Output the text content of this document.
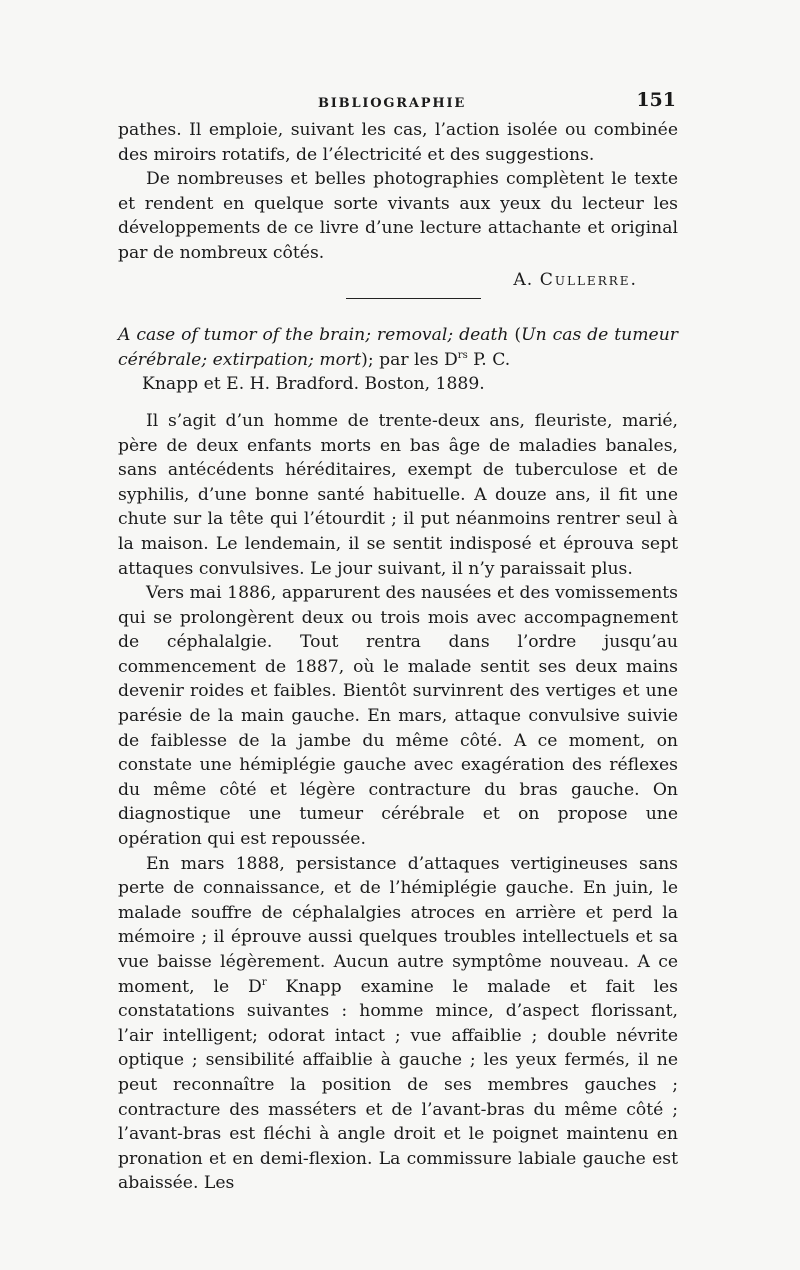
BIBLIOGRAPHIE	151

pathes. Il emploie, suivant les cas, l’action isolée ou combinée des miroirs rotatifs, de l’électricité et des suggestions.

De nombreuses et belles photographies complètent le texte et rendent en quelque sorte vivants aux yeux du lecteur les développements de ce livre d’une lecture attachante et original par de nombreux côtés.

A. Cullerre.

A case of tumor of the brain; removal; death (Un cas de tumeur cérébrale; extirpation; mort); par les $D^{rs}$ P. C.
Knapp et E. H. Bradford. Boston, 1889.

Il s’agit d’un homme de trente-deux ans, fleuriste, marié, père de deux enfants morts en bas âge de maladies banales, sans antécédents héréditaires, exempt de tuberculose et de syphilis, d’une bonne santé habituelle. A douze ans, il fit une chute sur la tête qui l’étourdit ; il put néanmoins rentrer seul à la maison. Le lendemain, il se sentit indisposé et éprouva sept attaques convulsives. Le jour suivant, il n’y paraissait plus.

Vers mai 1886, apparurent des nausées et des vomissements qui se prolongèrent deux ou trois mois avec accompagnement de céphalalgie. Tout rentra dans l’ordre jusqu’au commencement de 1887, où le malade sentit ses deux mains devenir roides et faibles. Bientôt survinrent des vertiges et une parésie de la main gauche. En mars, attaque convulsive suivie de faiblesse de la jambe du même côté. A ce moment, on constate une hémiplégie gauche avec exagération des réflexes du même côté et légère contracture du bras gauche. On diagnostique une tumeur cérébrale et on propose une opération qui est repoussée.

En mars 1888, persistance d’attaques vertigineuses sans perte de connaissance, et de l’hémiplégie gauche. En juin, le malade souffre de céphalalgies atroces en arrière et perd la mémoire ; il éprouve aussi quelques troubles intellectuels et sa vue baisse légèrement. Aucun autre symptôme nouveau. A ce moment, le $D^r$ Knapp examine le malade et fait les constatations suivantes : homme mince, d’aspect florissant, l’air intelligent; odorat intact ; vue affaiblie ; double névrite optique ; sensibilité affaiblie à gauche ; les yeux fermés, il ne peut reconnaître la position de ses membres gauches ; contracture des masséters et de l’avant-bras du même côté ; l’avant-bras est fléchi à angle droit et le poignet maintenu en pronation et en demi-flexion. La commissure labiale gauche est abaissée. Les
